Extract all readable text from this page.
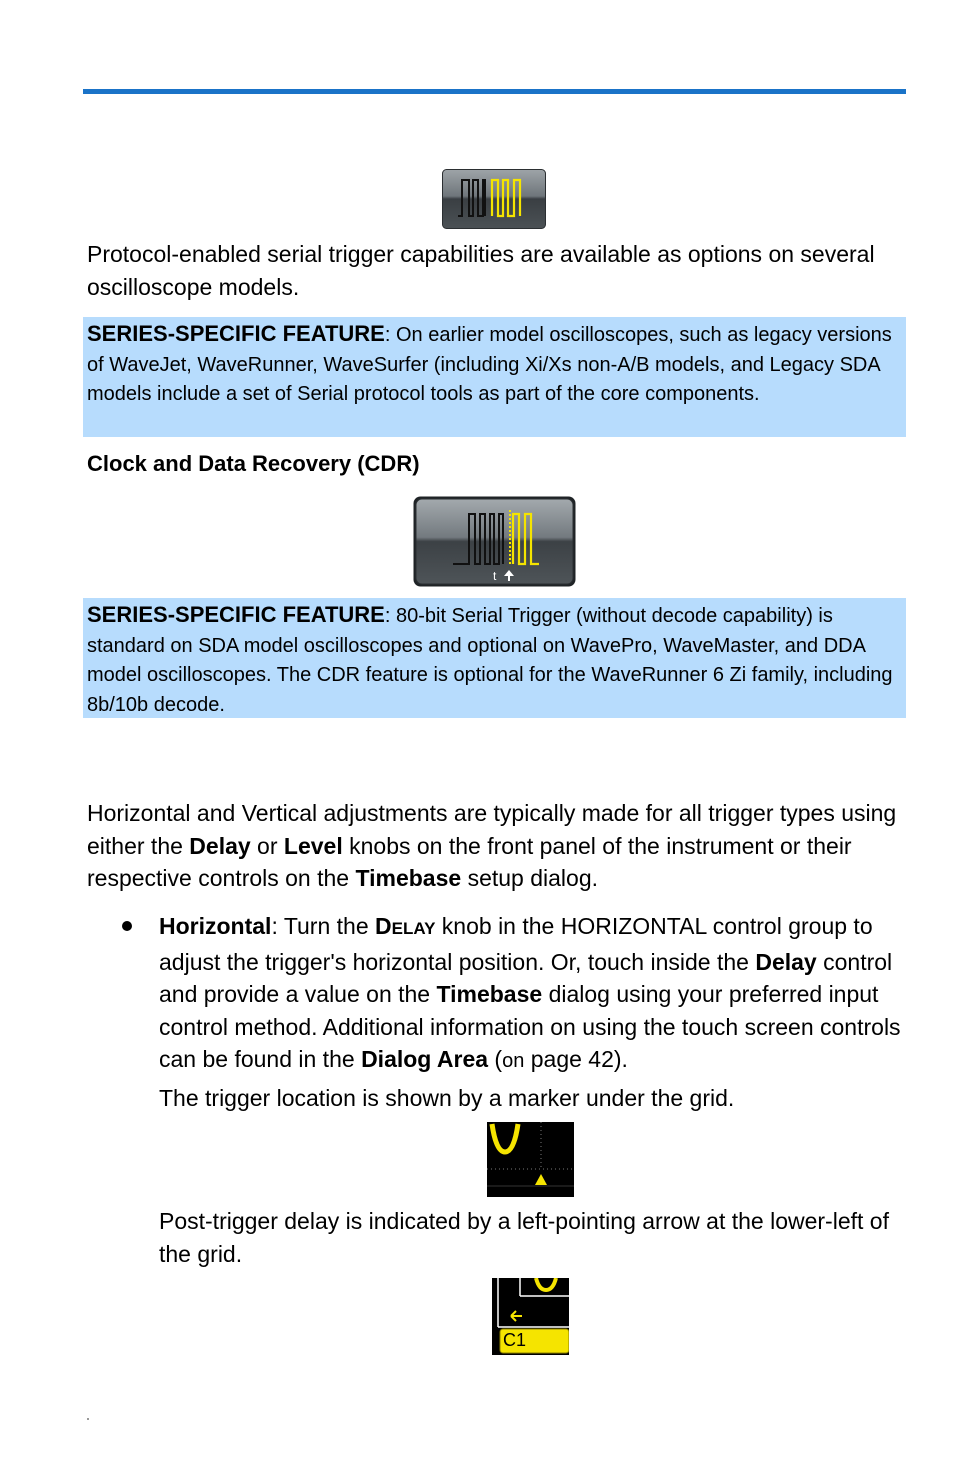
Protocol-enabled serial trigger capabilities are available as options on several oscilloscope models.

SERIES-SPECIFIC FEATURE: On earlier model oscilloscopes, such as legacy versions of WaveJet, WaveRunner, WaveSurfer (including Xi/Xs non-A/B models, and Legacy SDA models include a set of Serial protocol tools as part of the core components.

Clock and Data Recovery (CDR)

t

SERIES-SPECIFIC FEATURE: 80-bit Serial Trigger (without decode capability) is standard on SDA model oscilloscopes and optional on WavePro, WaveMaster, and DDA model oscilloscopes. The CDR feature is optional for the WaveRunner 6 Zi family, including 8b/10b decode.

Horizontal and Vertical adjustments are typically made for all trigger types using either the Delay or Level knobs on the front panel of the instrument or their respective controls on the Timebase setup dialog.

Horizontal: Turn the DELAY knob in the HORIZONTAL control group to adjust the trigger's horizontal position. Or, touch inside the Delay control and provide a value on the Timebase dialog using your preferred input control method. Additional information on using the touch screen controls can be found in the Dialog Area (on page 42).

The trigger location is shown by a marker under the grid.

Post-trigger delay is indicated by a left-pointing arrow at the lower-left of the grid.

C1
